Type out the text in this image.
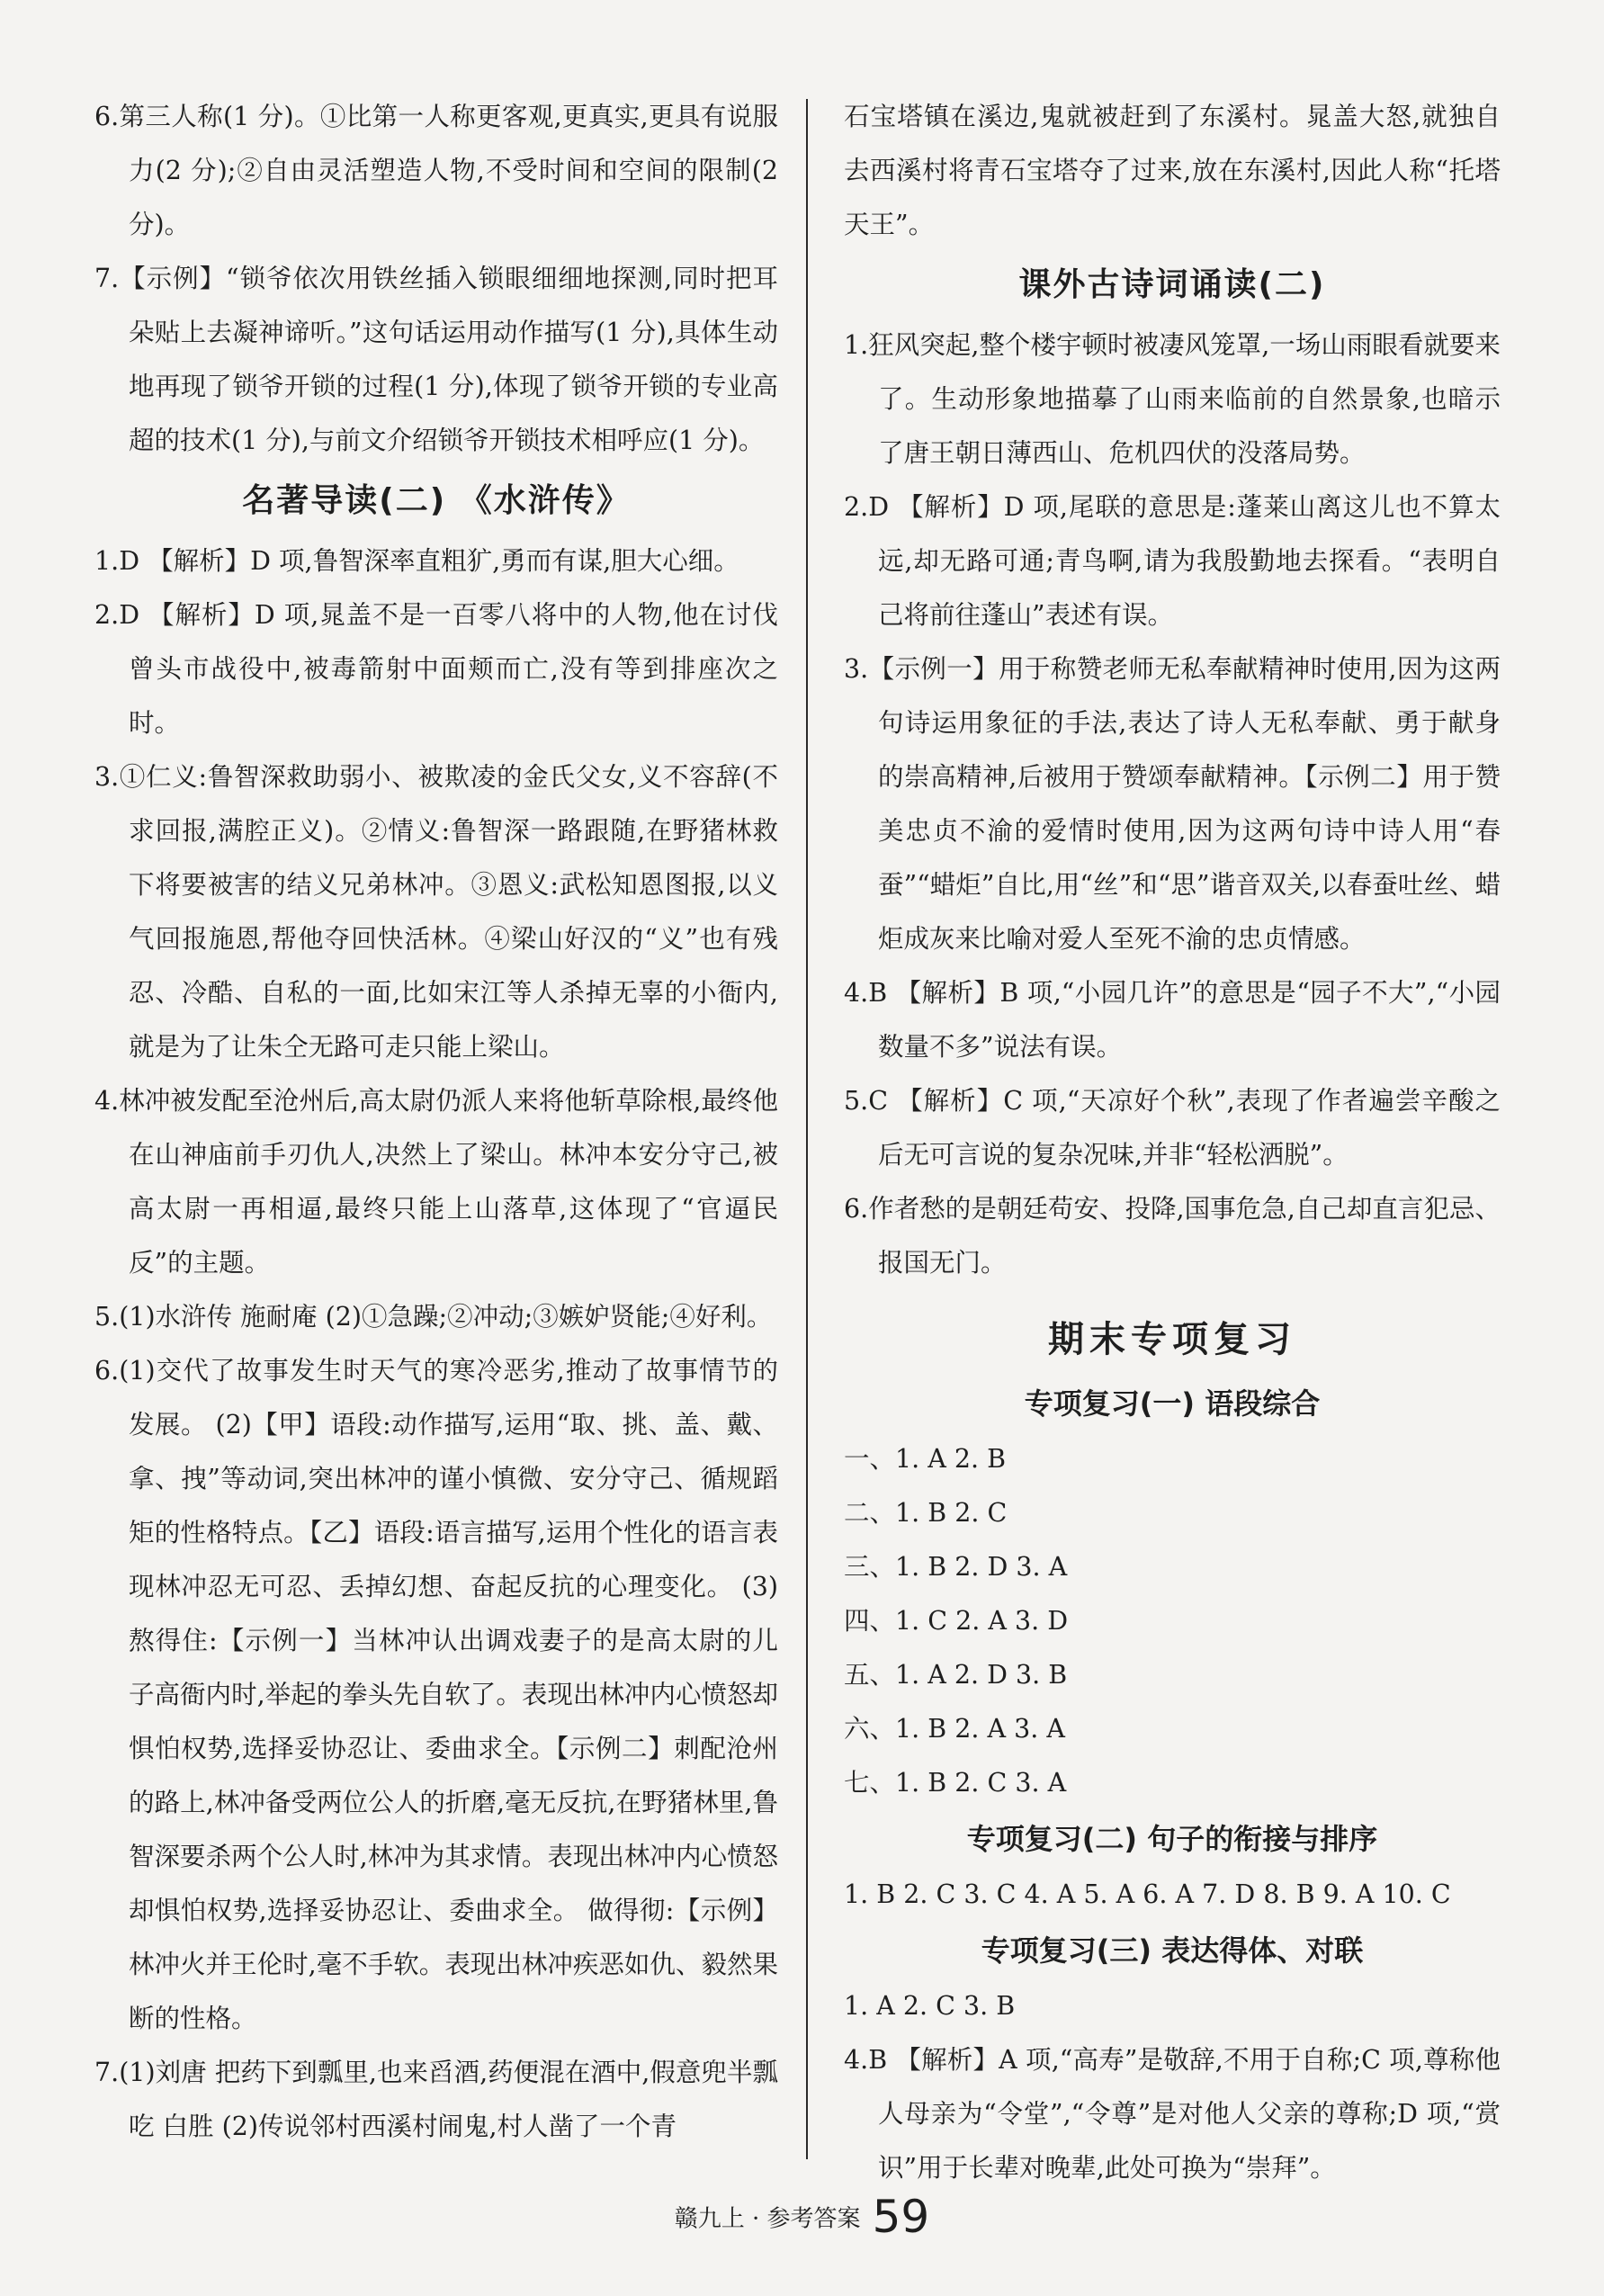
6.第三人称(1 分)。①比第一人称更客观,更真实,更具有说服力(2 分);②自由灵活塑造人物,不受时间和空间的限制(2 分)。

7.【示例】“锁爷依次用铁丝插入锁眼细细地探测,同时把耳朵贴上去凝神谛听。”这句话运用动作描写(1 分),具体生动地再现了锁爷开锁的过程(1 分),体现了锁爷开锁的专业高超的技术(1 分),与前文介绍锁爷开锁技术相呼应(1 分)。

名著导读(二) 《水浒传》

1.D 【解析】D 项,鲁智深率直粗犷,勇而有谋,胆大心细。

2.D 【解析】D 项,晁盖不是一百零八将中的人物,他在讨伐曾头市战役中,被毒箭射中面颊而亡,没有等到排座次之时。

3.①仁义:鲁智深救助弱小、被欺凌的金氏父女,义不容辞(不求回报,满腔正义)。②情义:鲁智深一路跟随,在野猪林救下将要被害的结义兄弟林冲。③恩义:武松知恩图报,以义气回报施恩,帮他夺回快活林。④梁山好汉的“义”也有残忍、冷酷、自私的一面,比如宋江等人杀掉无辜的小衙内,就是为了让朱仝无路可走只能上梁山。

4.林冲被发配至沧州后,高太尉仍派人来将他斩草除根,最终他在山神庙前手刃仇人,决然上了梁山。林冲本安分守己,被高太尉一再相逼,最终只能上山落草,这体现了“官逼民反”的主题。

5.(1)水浒传 施耐庵 (2)①急躁;②冲动;③嫉妒贤能;④好利。

6.(1)交代了故事发生时天气的寒冷恶劣,推动了故事情节的发展。 (2)【甲】语段:动作描写,运用“取、挑、盖、戴、拿、拽”等动词,突出林冲的谨小慎微、安分守己、循规蹈矩的性格特点。【乙】语段:语言描写,运用个性化的语言表现林冲忍无可忍、丢掉幻想、奋起反抗的心理变化。 (3)熬得住:【示例一】当林冲认出调戏妻子的是高太尉的儿子高衙内时,举起的拳头先自软了。表现出林冲内心愤怒却惧怕权势,选择妥协忍让、委曲求全。【示例二】刺配沧州的路上,林冲备受两位公人的折磨,毫无反抗,在野猪林里,鲁智深要杀两个公人时,林冲为其求情。表现出林冲内心愤怒却惧怕权势,选择妥协忍让、委曲求全。 做得彻:【示例】林冲火并王伦时,毫不手软。表现出林冲疾恶如仇、毅然果断的性格。

7.(1)刘唐 把药下到瓢里,也来舀酒,药便混在酒中,假意兜半瓢吃 白胜 (2)传说邻村西溪村闹鬼,村人凿了一个青

石宝塔镇在溪边,鬼就被赶到了东溪村。晁盖大怒,就独自去西溪村将青石宝塔夺了过来,放在东溪村,因此人称“托塔天王”。

课外古诗词诵读(二)

1.狂风突起,整个楼宇顿时被凄风笼罩,一场山雨眼看就要来了。生动形象地描摹了山雨来临前的自然景象,也暗示了唐王朝日薄西山、危机四伏的没落局势。

2.D 【解析】D 项,尾联的意思是:蓬莱山离这儿也不算太远,却无路可通;青鸟啊,请为我殷勤地去探看。“表明自己将前往蓬山”表述有误。

3.【示例一】用于称赞老师无私奉献精神时使用,因为这两句诗运用象征的手法,表达了诗人无私奉献、勇于献身的崇高精神,后被用于赞颂奉献精神。【示例二】用于赞美忠贞不渝的爱情时使用,因为这两句诗中诗人用“春蚕”“蜡炬”自比,用“丝”和“思”谐音双关,以春蚕吐丝、蜡炬成灰来比喻对爱人至死不渝的忠贞情感。

4.B 【解析】B 项,“小园几许”的意思是“园子不大”,“小园数量不多”说法有误。

5.C 【解析】C 项,“天凉好个秋”,表现了作者遍尝辛酸之后无可言说的复杂况味,并非“轻松洒脱”。

6.作者愁的是朝廷苟安、投降,国事危急,自己却直言犯忌、报国无门。

期末专项复习
专项复习(一) 语段综合
一、1. A 2. B
二、1. B 2. C
三、1. B 2. D 3. A
四、1. C 2. A 3. D
五、1. A 2. D 3. B
六、1. B 2. A 3. A
七、1. B 2. C 3. A
专项复习(二) 句子的衔接与排序
1. B 2. C 3. C 4. A 5. A 6. A 7. D 8. B 9. A 10. C
专项复习(三) 表达得体、对联
1. A 2. C 3. B

4.B 【解析】A 项,“高寿”是敬辞,不用于自称;C 项,尊称他人母亲为“令堂”,“令尊”是对他人父亲的尊称;D 项,“赏识”用于长辈对晚辈,此处可换为“崇拜”。

赣九上 · 参考答案 59
